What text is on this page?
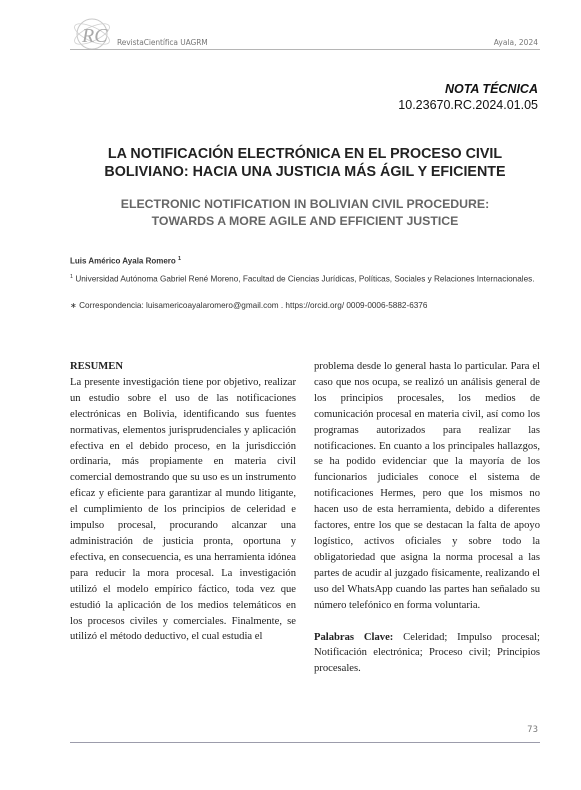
RC RevistaCientífica UAGRM	Ayala, 2024
NOTA TÉCNICA
10.23670.RC.2024.01.05
LA NOTIFICACIÓN ELECTRÓNICA EN EL PROCESO CIVIL
BOLIVIANO: HACIA UNA JUSTICIA MÁS ÁGIL Y EFICIENTE
ELECTRONIC NOTIFICATION IN BOLIVIAN CIVIL PROCEDURE:
TOWARDS A MORE AGILE AND EFFICIENT JUSTICE
Luis Américo Ayala Romero $^1$
$^1$ Universidad Autónoma Gabriel René Moreno, Facultad de Ciencias Jurídicas, Políticas, Sociales y Relaciones Internacionales.
∗ Correspondencia: luisamericoayalaromero@gmail.com . https://orcid.org/ 0009-0006-5882-6376

RESUMEN

La presente investigación tiene por objetivo, realizar un estudio sobre el uso de las notificaciones electrónicas en Bolivia, identificando sus fuentes normativas, elementos jurisprudenciales y aplicación efectiva en el debido proceso, en la jurisdicción ordinaria, más propiamente en materia civil comercial demostrando que su uso es un instrumento eficaz y eficiente para garantizar al mundo litigante, el cumplimiento de los principios de celeridad e impulso procesal, procurando alcanzar una administración de justicia pronta, oportuna y efectiva, en consecuencia, es una herramienta idónea para reducir la mora procesal. La investigación utilizó el modelo empírico fáctico, toda vez que estudió la aplicación de los medios telemáticos en los procesos civiles y comerciales. Finalmente, se utilizó el método deductivo, el cual estudia el

problema desde lo general hasta lo particular. Para el caso que nos ocupa, se realizó un análisis general de los principios procesales, los medios de comunicación procesal en materia civil, así como los programas autorizados para realizar las notificaciones. En cuanto a los principales hallazgos, se ha podido evidenciar que la mayoría de los funcionarios judiciales conoce el sistema de notificaciones Hermes, pero que los mismos no hacen uso de esta herramienta, debido a diferentes factores, entre los que se destacan la falta de apoyo logístico, activos oficiales y sobre todo la obligatoriedad que asigna la norma procesal a las partes de acudir al juzgado físicamente, realizando el uso del WhatsApp cuando las partes han señalado su número telefónico en forma voluntaria.

Palabras Clave: Celeridad; Impulso procesal; Notificación electrónica; Proceso civil; Principios procesales.

73
